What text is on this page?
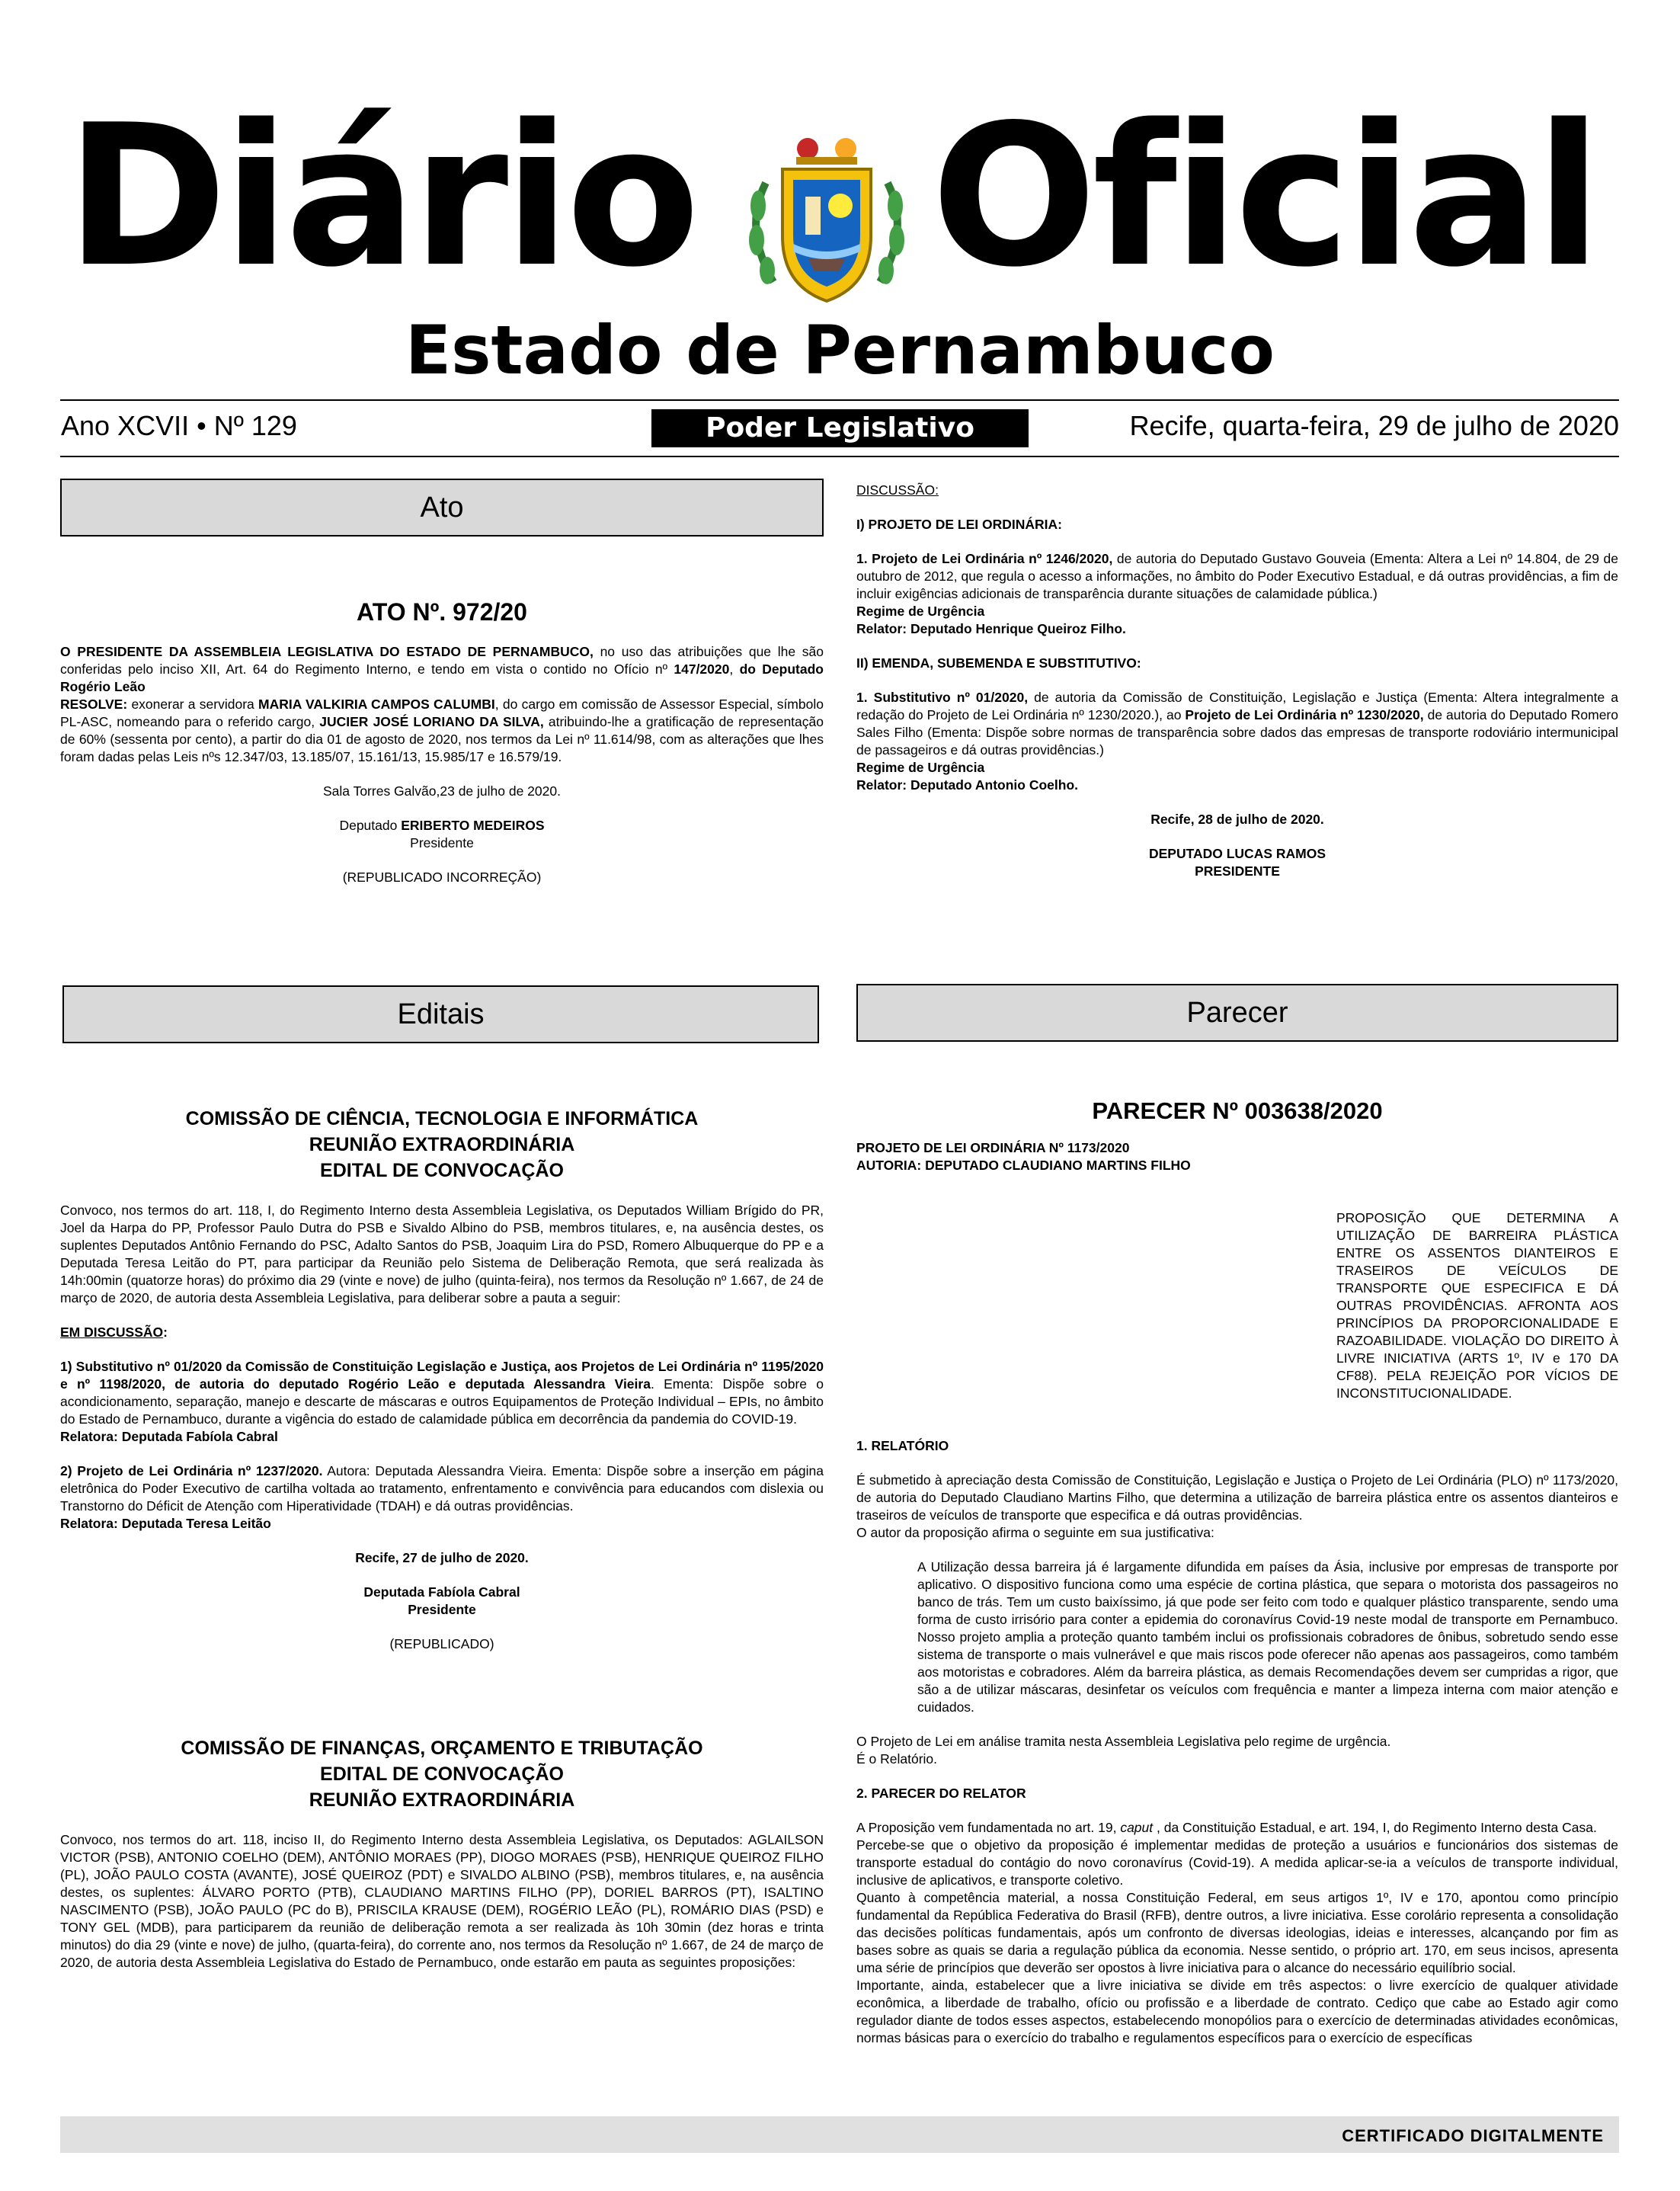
Diário Oficial
Estado de Pernambuco
Ano XCVII • Nº 129	Poder Legislativo	Recife, quarta-feira, 29 de julho de 2020
Ato
ATO Nº. 972/20

O PRESIDENTE DA ASSEMBLEIA LEGISLATIVA DO ESTADO DE PERNAMBUCO, no uso das atribuições que lhe são conferidas pelo inciso XII, Art. 64 do Regimento Interno, e tendo em vista o contido no Ofício nº 147/2020, do Deputado Rogério Leão

RESOLVE: exonerar a servidora MARIA VALKIRIA CAMPOS CALUMBI, do cargo em comissão de Assessor Especial, símbolo PL-ASC, nomeando para o referido cargo, JUCIER JOSÉ LORIANO DA SILVA, atribuindo-lhe a gratificação de representação de 60% (sessenta por cento), a partir do dia 01 de agosto de 2020, nos termos da Lei nº 11.614/98, com as alterações que lhes foram dadas pelas Leis nºs 12.347/03, 13.185/07, 15.161/13, 15.985/17 e 16.579/19.

Sala Torres Galvão,23 de julho de 2020.

Deputado ERIBERTO MEDEIROS

Presidente

(REPUBLICADO INCORREÇÃO)

Editais
COMISSÃO DE CIÊNCIA, TECNOLOGIA E INFORMÁTICA
REUNIÃO EXTRAORDINÁRIA
EDITAL DE CONVOCAÇÃO

Convoco, nos termos do art. 118, I, do Regimento Interno desta Assembleia Legislativa, os Deputados William Brígido do PR, Joel da Harpa do PP, Professor Paulo Dutra do PSB e Sivaldo Albino do PSB, membros titulares, e, na ausência destes, os suplentes Deputados Antônio Fernando do PSC, Adalto Santos do PSB, Joaquim Lira do PSD, Romero Albuquerque do PP e a Deputada Teresa Leitão do PT, para participar da Reunião pelo Sistema de Deliberação Remota, que será realizada às 14h:00min (quatorze horas) do próximo dia 29 (vinte e nove) de julho (quinta-feira), nos termos da Resolução nº 1.667, de 24 de março de 2020, de autoria desta Assembleia Legislativa, para deliberar sobre a pauta a seguir:

EM DISCUSSÃO:

1) Substitutivo nº 01/2020 da Comissão de Constituição Legislação e Justiça, aos Projetos de Lei Ordinária nº 1195/2020 e nº 1198/2020, de autoria do deputado Rogério Leão e deputada Alessandra Vieira. Ementa: Dispõe sobre o acondicionamento, separação, manejo e descarte de máscaras e outros Equipamentos de Proteção Individual – EPIs, no âmbito do Estado de Pernambuco, durante a vigência do estado de calamidade pública em decorrência da pandemia do COVID-19.

Relatora: Deputada Fabíola Cabral

2) Projeto de Lei Ordinária nº 1237/2020. Autora: Deputada Alessandra Vieira. Ementa: Dispõe sobre a inserção em página eletrônica do Poder Executivo de cartilha voltada ao tratamento, enfrentamento e convivência para educandos com dislexia ou Transtorno do Déficit de Atenção com Hiperatividade (TDAH) e dá outras providências.

Relatora: Deputada Teresa Leitão

Recife, 27 de julho de 2020.

Deputada Fabíola Cabral

Presidente

(REPUBLICADO)

COMISSÃO DE FINANÇAS, ORÇAMENTO E TRIBUTAÇÃO
EDITAL DE CONVOCAÇÃO
REUNIÃO EXTRAORDINÁRIA

Convoco, nos termos do art. 118, inciso II, do Regimento Interno desta Assembleia Legislativa, os Deputados: AGLAILSON VICTOR (PSB), ANTONIO COELHO (DEM), ANTÔNIO MORAES (PP), DIOGO MORAES (PSB), HENRIQUE QUEIROZ FILHO (PL), JOÃO PAULO COSTA (AVANTE), JOSÉ QUEIROZ (PDT) e SIVALDO ALBINO (PSB), membros titulares, e, na ausência destes, os suplentes: ÁLVARO PORTO (PTB), CLAUDIANO MARTINS FILHO (PP), DORIEL BARROS (PT), ISALTINO NASCIMENTO (PSB), JOÃO PAULO (PC do B), PRISCILA KRAUSE (DEM), ROGÉRIO LEÃO (PL), ROMÁRIO DIAS (PSD) e TONY GEL (MDB), para participarem da reunião de deliberação remota a ser realizada às 10h 30min (dez horas e trinta minutos) do dia 29 (vinte e nove) de julho, (quarta-feira), do corrente ano, nos termos da Resolução nº 1.667, de 24 de março de 2020, de autoria desta Assembleia Legislativa do Estado de Pernambuco, onde estarão em pauta as seguintes proposições:

DISCUSSÃO:

I) PROJETO DE LEI ORDINÁRIA:

1. Projeto de Lei Ordinária nº 1246/2020, de autoria do Deputado Gustavo Gouveia (Ementa: Altera a Lei nº 14.804, de 29 de outubro de 2012, que regula o acesso a informações, no âmbito do Poder Executivo Estadual, e dá outras providências, a fim de incluir exigências adicionais de transparência durante situações de calamidade pública.)

Regime de Urgência

Relator: Deputado Henrique Queiroz Filho.

II) EMENDA, SUBEMENDA E SUBSTITUTIVO:

1. Substitutivo nº 01/2020, de autoria da Comissão de Constituição, Legislação e Justiça (Ementa: Altera integralmente a redação do Projeto de Lei Ordinária nº 1230/2020.), ao Projeto de Lei Ordinária nº 1230/2020, de autoria do Deputado Romero Sales Filho (Ementa: Dispõe sobre normas de transparência sobre dados das empresas de transporte rodoviário intermunicipal de passageiros e dá outras providências.)

Regime de Urgência

Relator: Deputado Antonio Coelho.

Recife, 28 de julho de 2020.

DEPUTADO LUCAS RAMOS

PRESIDENTE

Parecer
PARECER Nº 003638/2020

PROJETO DE LEI ORDINÁRIA Nº 1173/2020

AUTORIA: DEPUTADO CLAUDIANO MARTINS FILHO

PROPOSIÇÃO QUE DETERMINA A UTILIZAÇÃO DE BARREIRA PLÁSTICA ENTRE OS ASSENTOS DIANTEIROS E TRASEIROS DE VEÍCULOS DE TRANSPORTE QUE ESPECIFICA E DÁ OUTRAS PROVIDÊNCIAS. AFRONTA AOS PRINCÍPIOS DA PROPORCIONALIDADE E RAZOABILIDADE. VIOLAÇÃO DO DIREITO À LIVRE INICIATIVA (ARTS 1º, IV e 170 DA CF88). PELA REJEIÇÃO POR VÍCIOS DE INCONSTITUCIONALIDADE.

1. RELATÓRIO

É submetido à apreciação desta Comissão de Constituição, Legislação e Justiça o Projeto de Lei Ordinária (PLO) nº 1173/2020, de autoria do Deputado Claudiano Martins Filho, que determina a utilização de barreira plástica entre os assentos dianteiros e traseiros de veículos de transporte que especifica e dá outras providências.

O autor da proposição afirma o seguinte em sua justificativa:

A Utilização dessa barreira já é largamente difundida em países da Ásia, inclusive por empresas de transporte por aplicativo. O dispositivo funciona como uma espécie de cortina plástica, que separa o motorista dos passageiros no banco de trás. Tem um custo baixíssimo, já que pode ser feito com todo e qualquer plástico transparente, sendo uma forma de custo irrisório para conter a epidemia do coronavírus Covid-19 neste modal de transporte em Pernambuco. Nosso projeto amplia a proteção quanto também inclui os profissionais cobradores de ônibus, sobretudo sendo esse sistema de transporte o mais vulnerável e que mais riscos pode oferecer não apenas aos passageiros, como também aos motoristas e cobradores. Além da barreira plástica, as demais Recomendações devem ser cumpridas a rigor, que são a de utilizar máscaras, desinfetar os veículos com frequência e manter a limpeza interna com maior atenção e cuidados.

O Projeto de Lei em análise tramita nesta Assembleia Legislativa pelo regime de urgência.

É o Relatório.

2. PARECER DO RELATOR

A Proposição vem fundamentada no art. 19, caput , da Constituição Estadual, e art. 194, I, do Regimento Interno desta Casa.

Percebe-se que o objetivo da proposição é implementar medidas de proteção a usuários e funcionários dos sistemas de transporte estadual do contágio do novo coronavírus (Covid-19). A medida aplicar-se-ia a veículos de transporte individual, inclusive de aplicativos, e transporte coletivo.

Quanto à competência material, a nossa Constituição Federal, em seus artigos 1º, IV e 170, apontou como princípio fundamental da República Federativa do Brasil (RFB), dentre outros, a livre iniciativa. Esse corolário representa a consolidação das decisões políticas fundamentais, após um confronto de diversas ideologias, ideias e interesses, alcançando por fim as bases sobre as quais se daria a regulação pública da economia. Nesse sentido, o próprio art. 170, em seus incisos, apresenta uma série de princípios que deverão ser opostos à livre iniciativa para o alcance do necessário equilíbrio social.

Importante, ainda, estabelecer que a livre iniciativa se divide em três aspectos: o livre exercício de qualquer atividade econômica, a liberdade de trabalho, ofício ou profissão e a liberdade de contrato. Cediço que cabe ao Estado agir como regulador diante de todos esses aspectos, estabelecendo monopólios para o exercício de determinadas atividades econômicas, normas básicas para o exercício do trabalho e regulamentos específicos para o exercício de específicas

CERTIFICADO DIGITALMENTE
